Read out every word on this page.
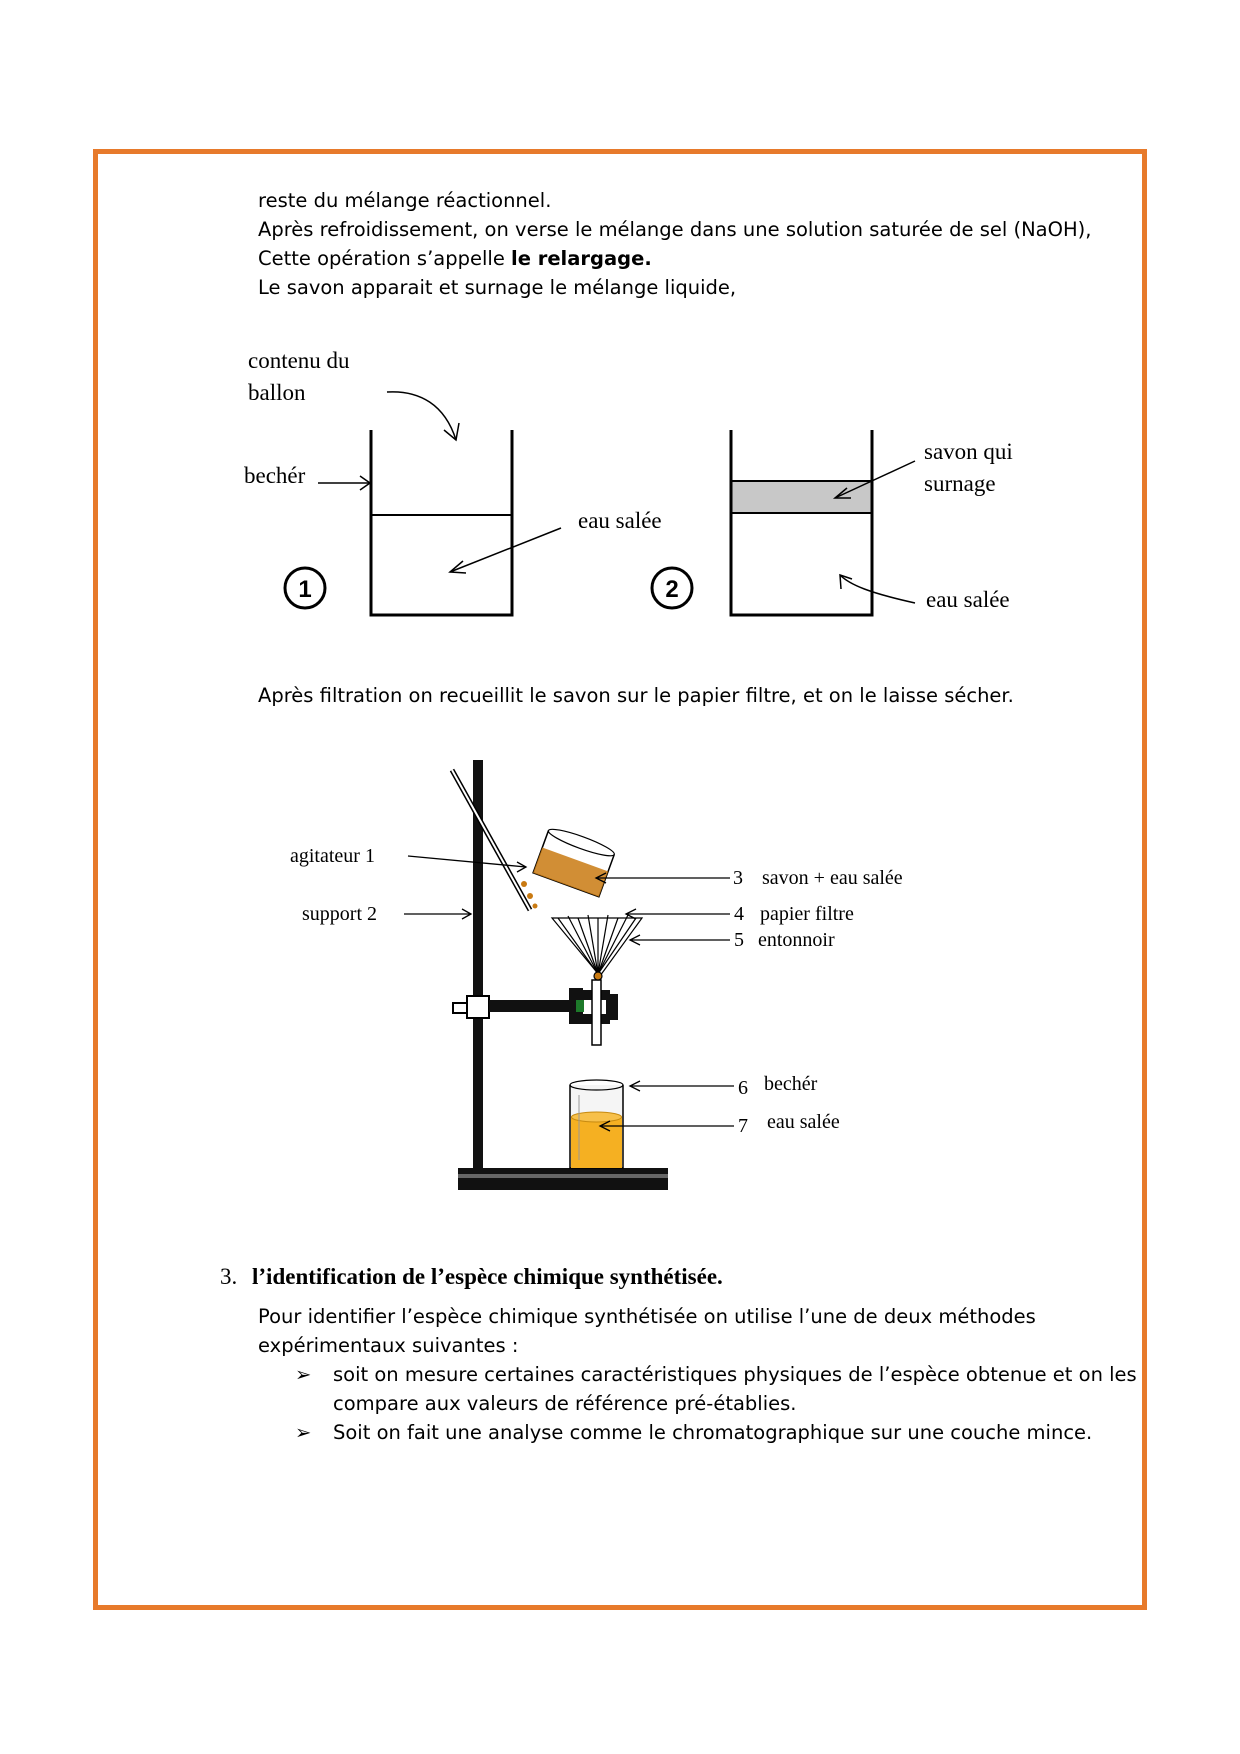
reste du mélange réactionnel.

Après refroidissement, on verse le mélange dans une solution saturée de sel (NaOH),

Cette opération s’appelle le relargage.

Le savon apparait et surnage le mélange liquide,

contenu du
ballon
bechér
eau salée
savon qui
surnage
eau salée
1	2

Après filtration on recueillit le savon sur le papier filtre, et on le laisse sécher.

agitateur 1
support 2
3 savon + eau salée
4 papier filtre
5 entonnoir
6 bechér
7 eau salée
3. l’identification de l’espèce chimique synthétisée.

Pour identifier l’espèce chimique synthétisée on utilise l’une de deux méthodes

expérimentaux suivantes :

➢ soit on mesure certaines caractéristiques physiques de l’espèce obtenue et on les
compare aux valeurs de référence pré-établies.
➢ Soit on fait une analyse comme le chromatographique sur une couche mince.
